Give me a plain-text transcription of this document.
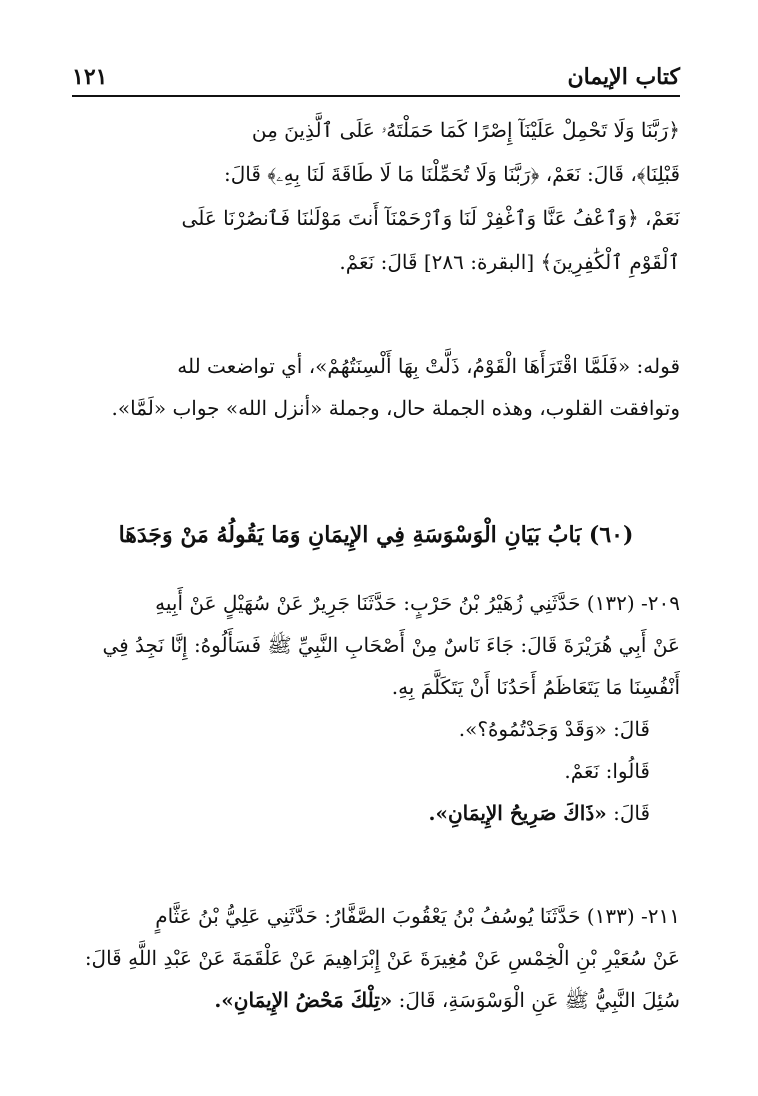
كتاب الإيمان
١٢١
﴿رَبَّنَا وَلَا تَحْمِلْ عَلَيْنَآ إِصْرًا كَمَا حَمَلْتَهُۥ عَلَى ٱلَّذِينَ مِن
قَبْلِنَا﴾، قَالَ: نَعَمْ، ﴿رَبَّنَا وَلَا تُحَمِّلْنَا مَا لَا طَاقَةَ لَنَا بِهِۦ﴾ قَالَ:
نَعَمْ، ﴿وَٱعْفُ عَنَّا وَٱغْفِرْ لَنَا وَٱرْحَمْنَآ أَنتَ مَوْلَىٰنَا فَٱنصُرْنَا عَلَى
ٱلْقَوْمِ ٱلْكَٰفِرِينَ﴾ [البقرة: ٢٨٦] قَالَ: نَعَمْ.
قوله: «فَلَمَّا اقْتَرَأَهَا الْقَوْمُ، ذَلَّتْ بِهَا أَلْسِنَتُهُمْ»، أي تواضعت لله
وتوافقت القلوب، وهذه الجملة حال، وجملة «أنزل الله» جواب «لَمَّا».
(٦٠) بَابُ بَيَانِ الْوَسْوَسَةِ فِي الإِيمَانِ وَمَا يَقُولُهُ مَنْ وَجَدَهَا
٢٠٩- (١٣٢) حَدَّثَنِي زُهَيْرُ بْنُ حَرْبٍ: حَدَّثَنَا جَرِيرٌ عَنْ سُهَيْلٍ عَنْ أَبِيهِ
عَنْ أَبِي هُرَيْرَةَ قَالَ: جَاءَ نَاسٌ مِنْ أَصْحَابِ النَّبِيِّ ﷺ فَسَأَلُوهُ: إِنَّا نَجِدُ فِي
أَنْفُسِنَا مَا يَتَعَاظَمُ أَحَدُنَا أَنْ يَتَكَلَّمَ بِهِ.
قَالَ: «وَقَدْ وَجَدْتُمُوهُ؟».
قَالُوا: نَعَمْ.
قَالَ: «ذَاكَ صَرِيحُ الإِيمَانِ».
٢١١- (١٣٣) حَدَّثَنَا يُوسُفُ بْنُ يَعْقُوبَ الصَّفَّارُ: حَدَّثَنِي عَلِيُّ بْنُ عَثَّامٍ
عَنْ سُعَيْرِ بْنِ الْخِمْسِ عَنْ مُغِيرَةَ عَنْ إِبْرَاهِيمَ عَنْ عَلْقَمَةَ عَنْ عَبْدِ اللَّهِ قَالَ:
سُئِلَ النَّبِيُّ ﷺ عَنِ الْوَسْوَسَةِ، قَالَ: «تِلْكَ مَحْضُ الإِيمَانِ».
